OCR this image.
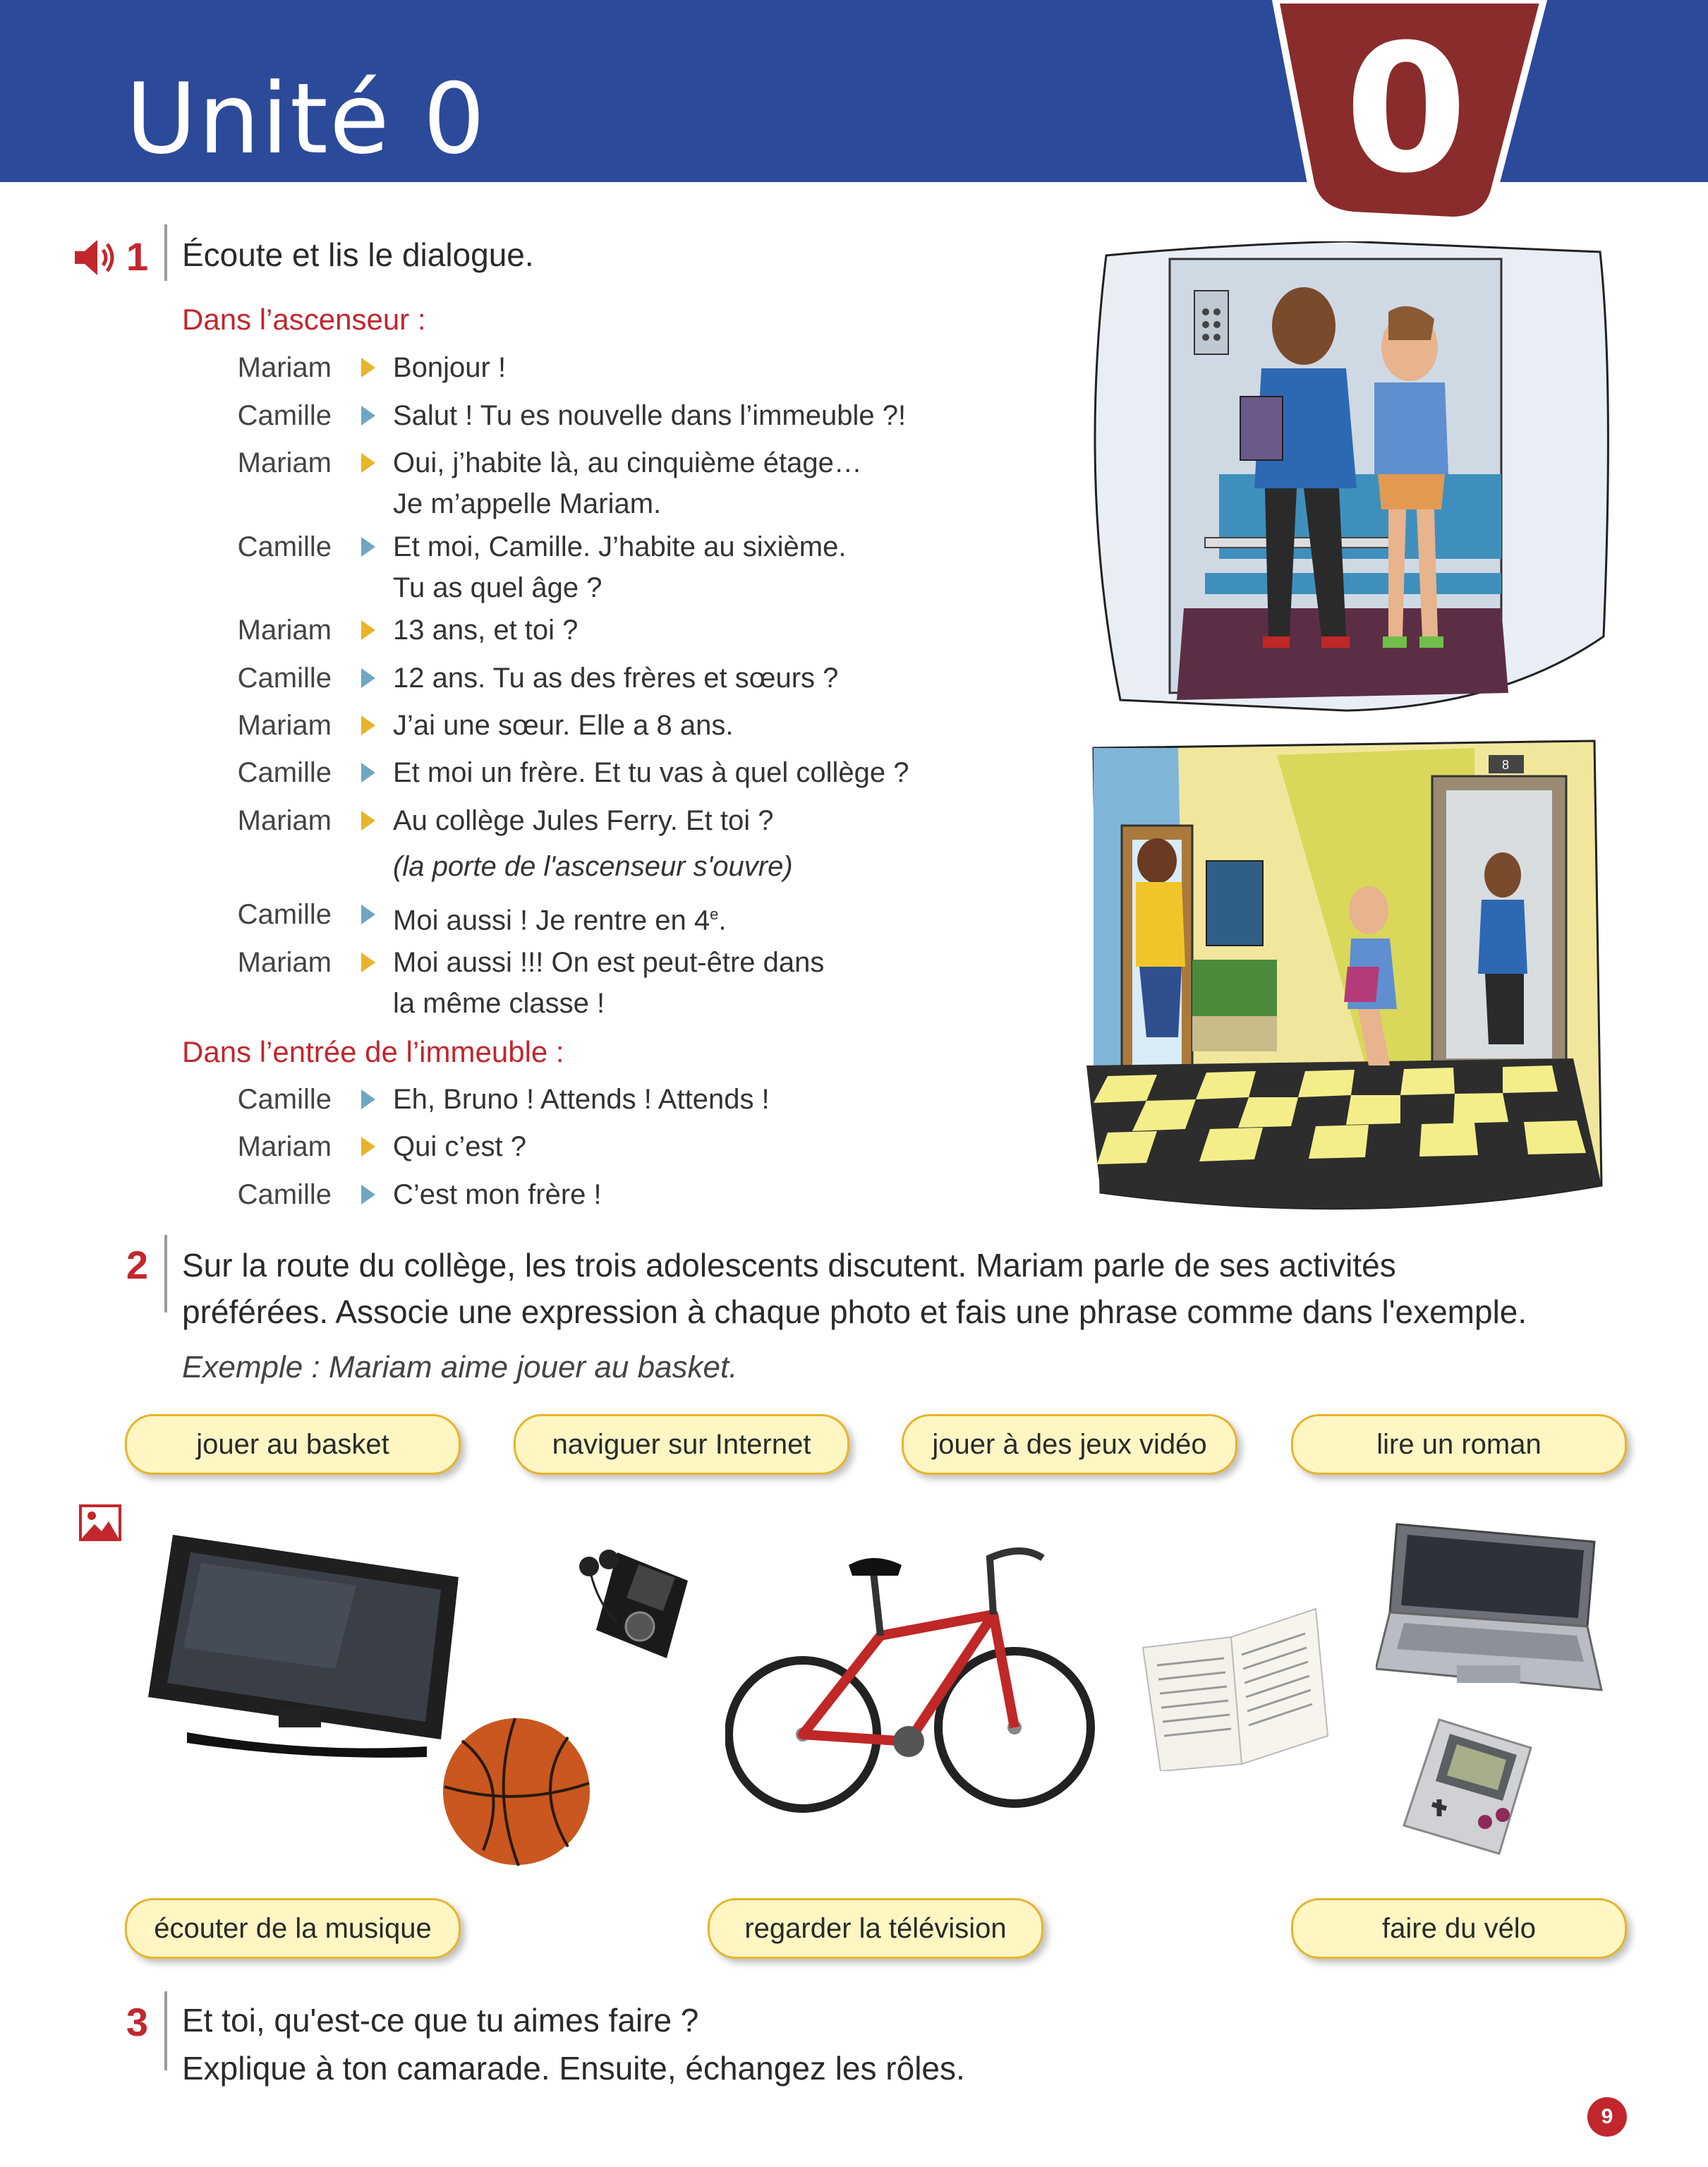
Unité 0	0
1 Écoute et lis le dialogue.
Dans l’ascenseur :
Mariam Bonjour !
Camille Salut ! Tu es nouvelle dans l’immeuble ?!
Mariam Oui, j’habite là, au cinquième étage…
Je m’appelle Mariam.
Camille Et moi, Camille. J’habite au sixième.
Tu as quel âge ?
Mariam 13 ans, et toi ?
Camille 12 ans. Tu as des frères et sœurs ?
Mariam J’ai une sœur. Elle a 8 ans.
Camille Et moi un frère. Et tu vas à quel collège ?
Mariam Au collège Jules Ferry. Et toi ?
(la porte de l'ascenseur s'ouvre)
Camille Moi aussi ! Je rentre en 4e.
Mariam Moi aussi !!! On est peut-être dans
la même classe !
Dans l’entrée de l’immeuble :
Camille Eh, Bruno ! Attends ! Attends !
Mariam Qui c’est ?
Camille C’est mon frère !
8
2 Sur la route du collège, les trois adolescents discutent. Mariam parle de ses activités
préférées. Associe une expression à chaque photo et fais une phrase comme dans l'exemple.
Exemple : Mariam aime jouer au basket.
jouer au basket	naviguer sur Internet	jouer à des jeux vidéo	lire un roman
écouter de la musique	regarder la télévision	faire du vélo
3 Et toi, qu'est-ce que tu aimes faire ?
Explique à ton camarade. Ensuite, échangez les rôles.
9
